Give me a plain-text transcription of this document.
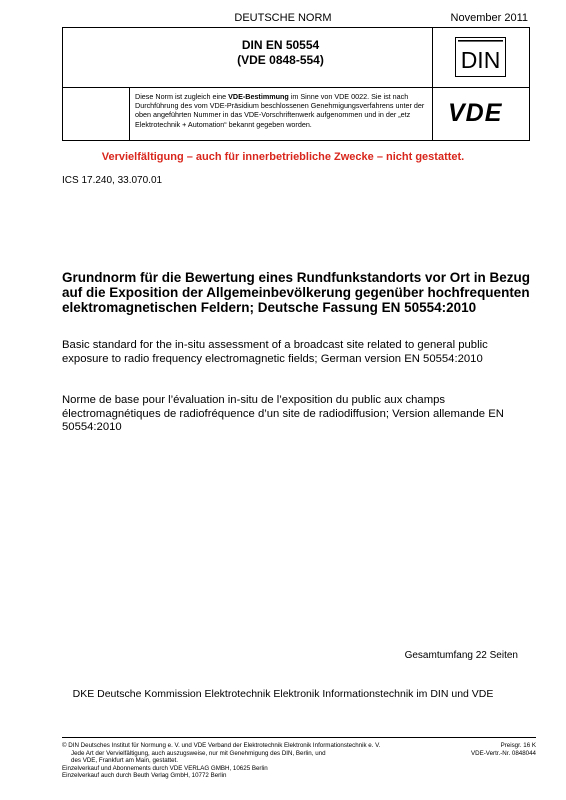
DEUTSCHE NORM	November 2011
DIN EN 50554
(VDE 0848-554)
Diese Norm ist zugleich eine VDE-Bestimmung im Sinne von VDE 0022. Sie ist nach Durchführung des vom VDE-Präsidium beschlossenen Genehmigungsverfahrens unter der oben angeführten Nummer in das VDE-Vorschriftenwerk aufgenommen und in der „etz Elektrotechnik + Automation“ bekannt gegeben worden.
DIN
VDE
Vervielfältigung – auch für innerbetriebliche Zwecke – nicht gestattet.
ICS 17.240, 33.070.01
Grundnorm für die Bewertung eines Rundfunkstandorts vor Ort in Bezug auf die Exposition der Allgemeinbevölkerung gegenüber hochfrequenten elektromagnetischen Feldern; Deutsche Fassung EN 50554:2010
Basic standard for the in-situ assessment of a broadcast site related to general public exposure to radio frequency electromagnetic fields; German version EN 50554:2010
Norme de base pour l’évaluation in-situ de l’exposition du public aux champs électromagnétiques de radiofréquence d’un site de radiodiffusion; Version allemande EN 50554:2010
Gesamtumfang 22 Seiten
DKE Deutsche Kommission Elektrotechnik Elektronik Informationstechnik im DIN und VDE
© DIN Deutsches Institut für Normung e. V. und VDE Verband der Elektrotechnik Elektronik Informationstechnik e. V.
Jede Art der Vervielfältigung, auch auszugsweise, nur mit Genehmigung des DIN, Berlin, und
des VDE, Frankfurt am Main, gestattet.
Einzelverkauf und Abonnements durch VDE VERLAG GMBH, 10625 Berlin
Einzelverkauf auch durch Beuth Verlag GmbH, 10772 Berlin
Preisgr. 16 K
VDE-Vertr.-Nr. 0848044
